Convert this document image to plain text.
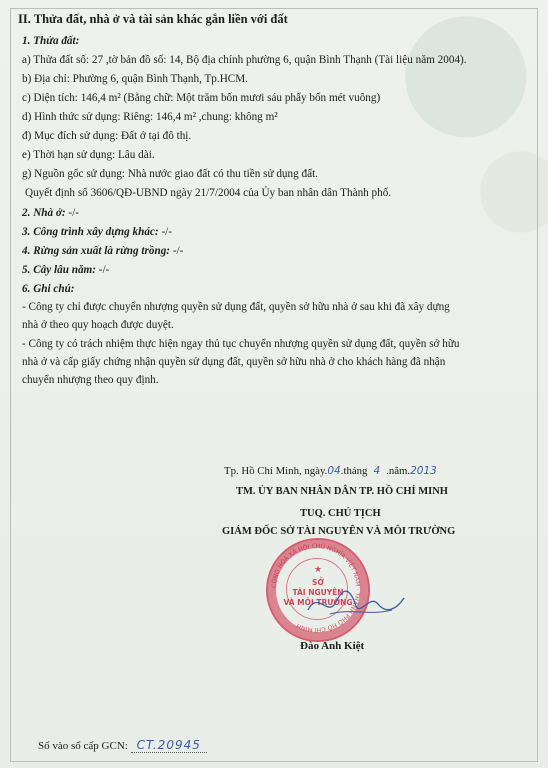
II. Thửa đất, nhà ở và tài sản khác gắn liền với đất
1. Thửa đất:
a) Thửa đất số: 27 ,tờ bản đồ số: 14, Bộ địa chính phường 6, quận Bình Thạnh (Tài liệu năm 2004).
b) Địa chỉ: Phường 6, quận Bình Thạnh, Tp.HCM.
c) Diện tích: 146,4 m² (Bằng chữ: Một trăm bốn mươi sáu phẩy bốn mét vuông)
d) Hình thức sử dụng: Riêng: 146,4 m² ,chung: không m²
đ) Mục đích sử dụng: Đất ở tại đô thị.
e) Thời hạn sử dụng: Lâu dài.
g) Nguồn gốc sử dụng: Nhà nước giao đất có thu tiền sử dụng đất.
Quyết định số 3606/QĐ-UBND ngày 21/7/2004 của Ủy ban nhân dân Thành phố.
2. Nhà ở: -/-
3. Công trình xây dựng khác: -/-
4. Rừng sản xuất là rừng trồng: -/-
5. Cây lâu năm: -/-
6. Ghi chú:
- Công ty chỉ được chuyển nhượng quyền sử dụng đất, quyền sở hữu nhà ở sau khi đã xây dựng
nhà ở theo quy hoạch được duyệt.
- Công ty có trách nhiệm thực hiện ngay thủ tục chuyển nhượng quyền sử dụng đất, quyền sở hữu
nhà ở và cấp giấy chứng nhận quyền sử dụng đất, quyền sở hữu nhà ở cho khách hàng đã nhận
chuyển nhượng theo quy định.
Tp. Hồ Chí Minh, ngày.04.tháng 4 .năm.2013
TM. ỦY BAN NHÂN DÂN TP. HỒ CHÍ MINH
TUQ. CHỦ TỊCH
GIÁM ĐỐC SỞ TÀI NGUYÊN VÀ MÔI TRƯỜNG
★
SỞ
TÀI NGUYÊN
VÀ MÔI TRƯỜNG
CỘNG HÒA XÃ HỘI CHỦ NGHĨA VIỆT NAM · THÀNH PHỐ HỒ CHÍ MINH
Đào Anh Kiệt
Số vào sổ cấp GCN: CT.20945
